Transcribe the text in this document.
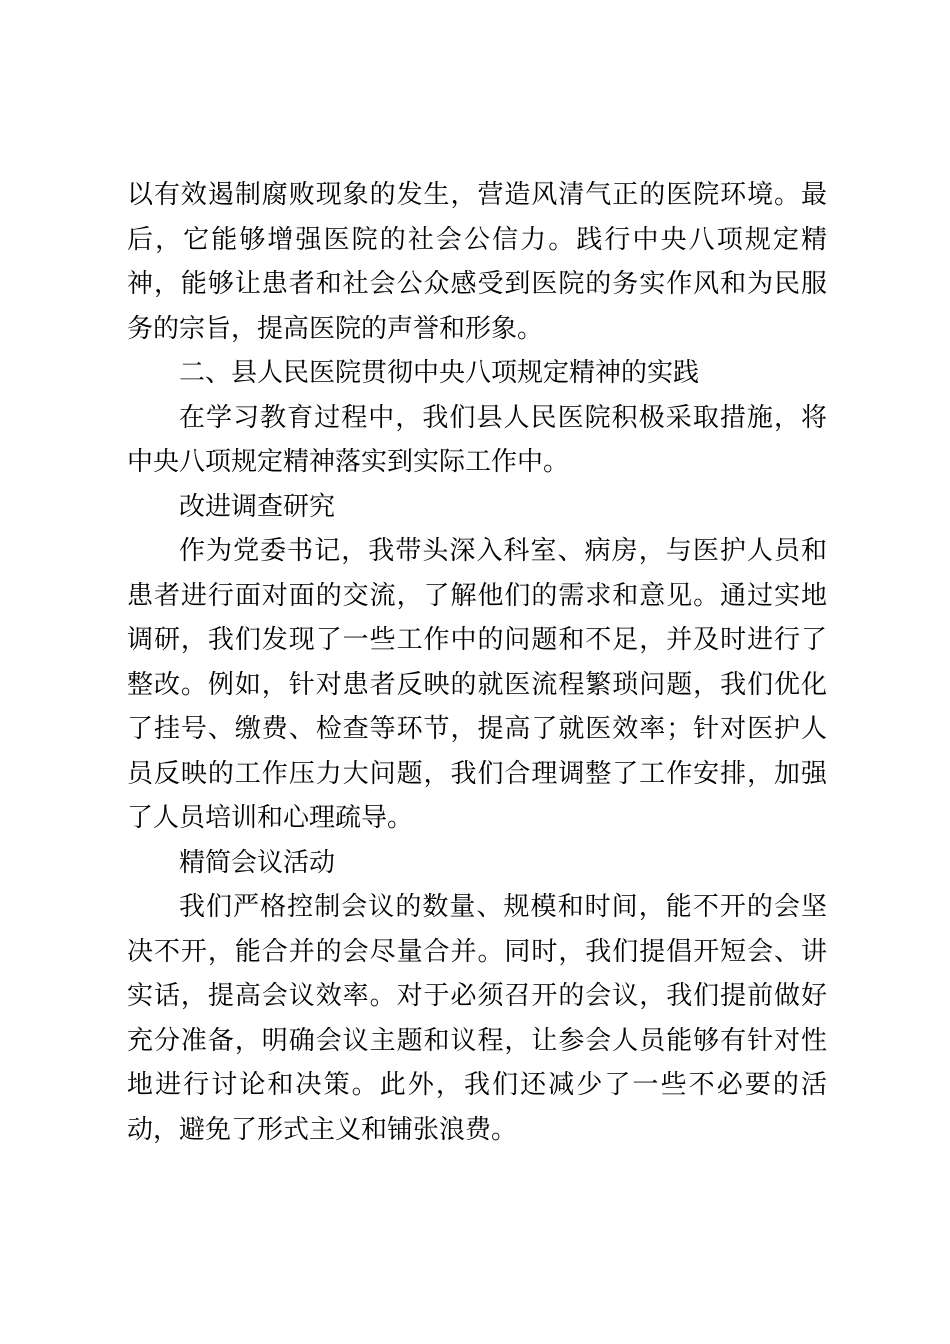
以有效遏制腐败现象的发生，营造风清气正的医院环境。最后，它能够增强医院的社会公信力。践行中央八项规定精神，能够让患者和社会公众感受到医院的务实作风和为民服务的宗旨，提高医院的声誉和形象。

二、县人民医院贯彻中央八项规定精神的实践

在学习教育过程中，我们县人民医院积极采取措施，将中央八项规定精神落实到实际工作中。

改进调查研究

作为党委书记，我带头深入科室、病房，与医护人员和患者进行面对面的交流，了解他们的需求和意见。通过实地调研，我们发现了一些工作中的问题和不足，并及时进行了整改。例如，针对患者反映的就医流程繁琐问题，我们优化了挂号、缴费、检查等环节，提高了就医效率；针对医护人员反映的工作压力大问题，我们合理调整了工作安排，加强了人员培训和心理疏导。

精简会议活动

我们严格控制会议的数量、规模和时间，能不开的会坚决不开，能合并的会尽量合并。同时，我们提倡开短会、讲实话，提高会议效率。对于必须召开的会议，我们提前做好充分准备，明确会议主题和议程，让参会人员能够有针对性地进行讨论和决策。此外，我们还减少了一些不必要的活动，避免了形式主义和铺张浪费。
